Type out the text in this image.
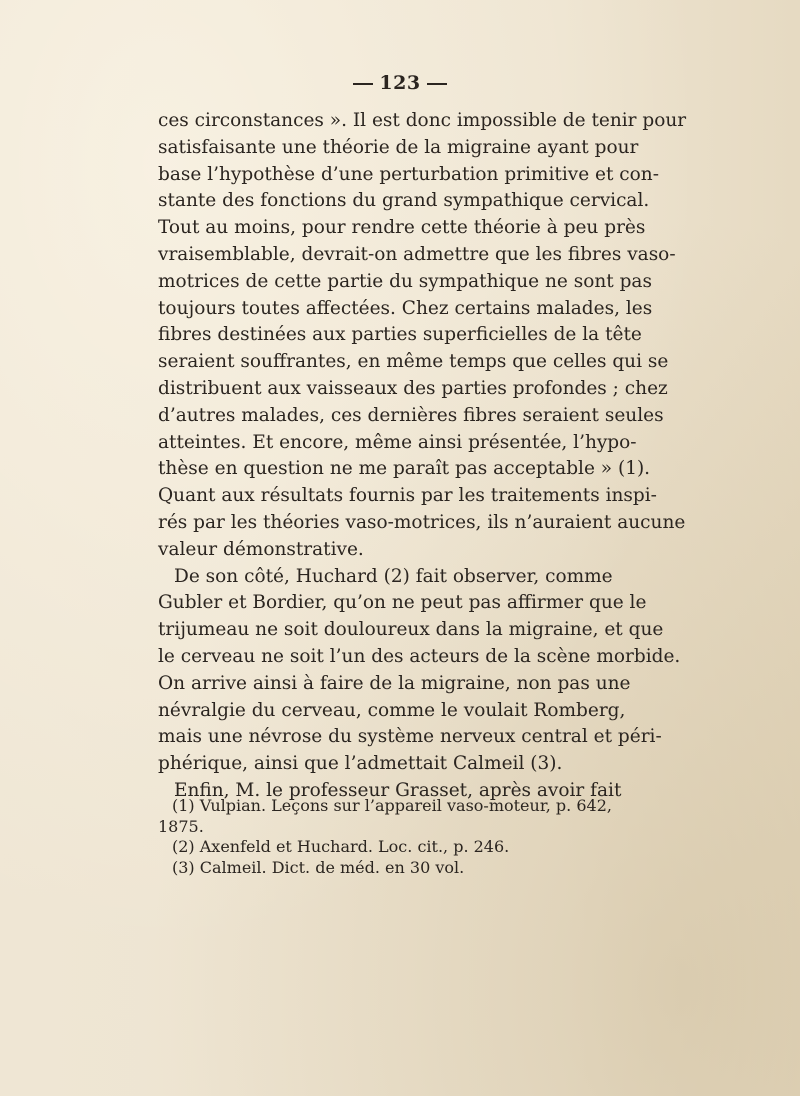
123
ces circonstances ». Il est donc impossible de tenir pour
satisfaisante une théorie de la migraine ayant pour
base l’hypothèse d’une perturbation primitive et con-
stante des fonctions du grand sympathique cervical.
Tout au moins, pour rendre cette théorie à peu près
vraisemblable, devrait-on admettre que les fibres vaso-
motrices de cette partie du sympathique ne sont pas
toujours toutes affectées. Chez certains malades, les
fibres destinées aux parties superficielles de la tête
seraient souffrantes, en même temps que celles qui se
distribuent aux vaisseaux des parties profondes ; chez
d’autres malades, ces dernières fibres seraient seules
atteintes. Et encore, même ainsi présentée, l’hypo-
thèse en question ne me paraît pas acceptable » (1).
Quant aux résultats fournis par les traitements inspi-
rés par les théories vaso-motrices, ils n’auraient aucune
valeur démonstrative.
De son côté, Huchard (2) fait observer, comme
Gubler et Bordier, qu’on ne peut pas affirmer que le
trijumeau ne soit douloureux dans la migraine, et que
le cerveau ne soit l’un des acteurs de la scène morbide.
On arrive ainsi à faire de la migraine, non pas une
névralgie du cerveau, comme le voulait Romberg,
mais une névrose du système nerveux central et péri-
phérique, ainsi que l’admettait Calmeil (3).
Enfin, M. le professeur Grasset, après avoir fait
(1) Vulpian. Leçons sur l’appareil vaso-moteur, p. 642,
1875.
(2) Axenfeld et Huchard. Loc. cit., p. 246.
(3) Calmeil. Dict. de méd. en 30 vol.
